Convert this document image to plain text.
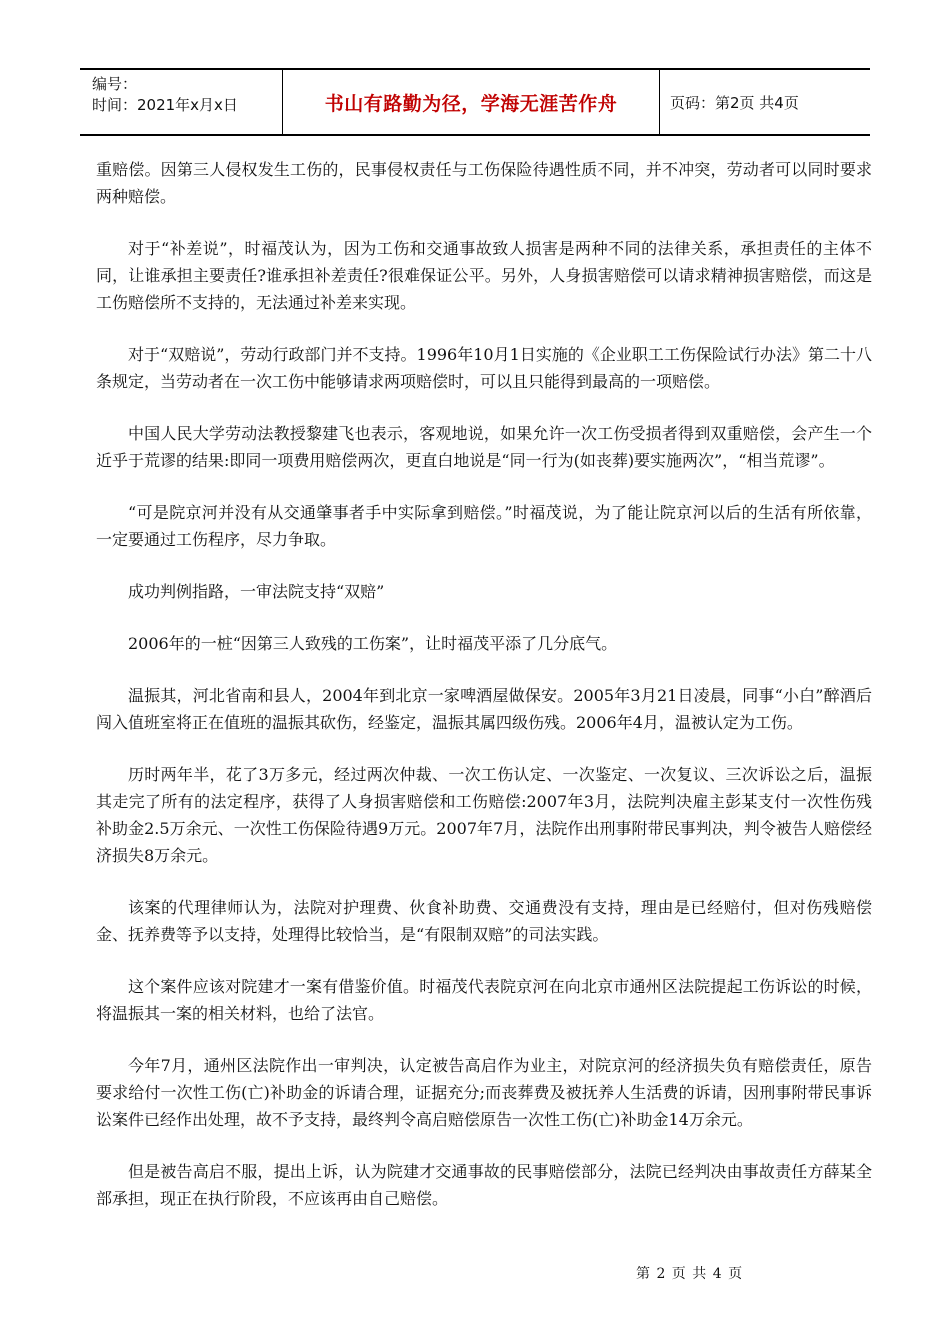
编号：
时间：2021年x月x日	书山有路勤为径，学海无涯苦作舟	页码：第2页 共4页

重赔偿。因第三人侵权发生工伤的，民事侵权责任与工伤保险待遇性质不同，并不冲突，劳动者可以同时要求两种赔偿。

对于“补差说”，时福茂认为，因为工伤和交通事故致人损害是两种不同的法律关系，承担责任的主体不同，让谁承担主要责任?谁承担补差责任?很难保证公平。另外，人身损害赔偿可以请求精神损害赔偿，而这是工伤赔偿所不支持的，无法通过补差来实现。

对于“双赔说”，劳动行政部门并不支持。1996年10月1日实施的《企业职工工伤保险试行办法》第二十八条规定，当劳动者在一次工伤中能够请求两项赔偿时，可以且只能得到最高的一项赔偿。

中国人民大学劳动法教授黎建飞也表示，客观地说，如果允许一次工伤受损者得到双重赔偿，会产生一个近乎于荒谬的结果:即同一项费用赔偿两次，更直白地说是“同一行为(如丧葬)要实施两次”，“相当荒谬”。

“可是院京河并没有从交通肇事者手中实际拿到赔偿。”时福茂说，为了能让院京河以后的生活有所依靠，一定要通过工伤程序，尽力争取。

成功判例指路，一审法院支持“双赔”

2006年的一桩“因第三人致残的工伤案”，让时福茂平添了几分底气。

温振其，河北省南和县人，2004年到北京一家啤酒屋做保安。2005年3月21日凌晨，同事“小白”醉酒后闯入值班室将正在值班的温振其砍伤，经鉴定，温振其属四级伤残。2006年4月，温被认定为工伤。

历时两年半，花了3万多元，经过两次仲裁、一次工伤认定、一次鉴定、一次复议、三次诉讼之后，温振其走完了所有的法定程序，获得了人身损害赔偿和工伤赔偿:2007年3月，法院判决雇主彭某支付一次性伤残补助金2.5万余元、一次性工伤保险待遇9万元。2007年7月，法院作出刑事附带民事判决，判令被告人赔偿经济损失8万余元。

该案的代理律师认为，法院对护理费、伙食补助费、交通费没有支持，理由是已经赔付，但对伤残赔偿金、抚养费等予以支持，处理得比较恰当，是“有限制双赔”的司法实践。

这个案件应该对院建才一案有借鉴价值。时福茂代表院京河在向北京市通州区法院提起工伤诉讼的时候，将温振其一案的相关材料，也给了法官。

今年7月，通州区法院作出一审判决，认定被告高启作为业主，对院京河的经济损失负有赔偿责任，原告要求给付一次性工伤(亡)补助金的诉请合理，证据充分;而丧葬费及被抚养人生活费的诉请，因刑事附带民事诉讼案件已经作出处理，故不予支持，最终判令高启赔偿原告一次性工伤(亡)补助金14万余元。

但是被告高启不服，提出上诉，认为院建才交通事故的民事赔偿部分，法院已经判决由事故责任方薛某全部承担，现正在执行阶段，不应该再由自己赔偿。

第 2 页 共 4 页
